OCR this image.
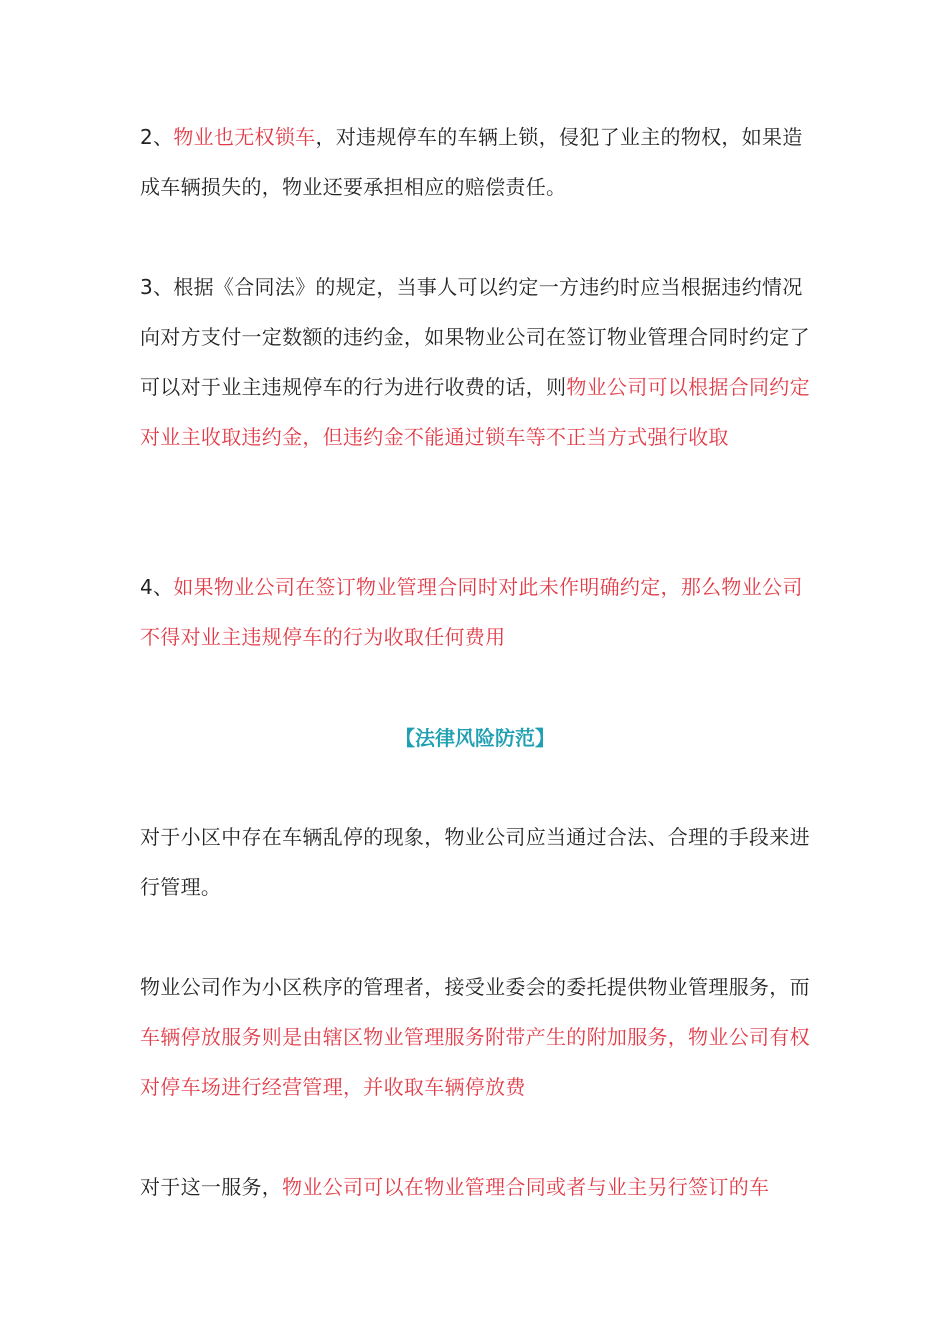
2、物业也无权锁车，对违规停车的车辆上锁，侵犯了业主的物权，如果造成车辆损失的，物业还要承担相应的赔偿责任。

3、根据《合同法》的规定，当事人可以约定一方违约时应当根据违约情况向对方支付一定数额的违约金，如果物业公司在签订物业管理合同时约定了可以对于业主违规停车的行为进行收费的话，则物业公司可以根据合同约定对业主收取违约金，但违约金不能通过锁车等不正当方式强行收取

4、如果物业公司在签订物业管理合同时对此未作明确约定，那么物业公司不得对业主违规停车的行为收取任何费用

【法律风险防范】

对于小区中存在车辆乱停的现象，物业公司应当通过合法、合理的手段来进行管理。

物业公司作为小区秩序的管理者，接受业委会的委托提供物业管理服务，而车辆停放服务则是由辖区物业管理服务附带产生的附加服务，物业公司有权对停车场进行经营管理，并收取车辆停放费

对于这一服务，物业公司可以在物业管理合同或者与业主另行签订的车
